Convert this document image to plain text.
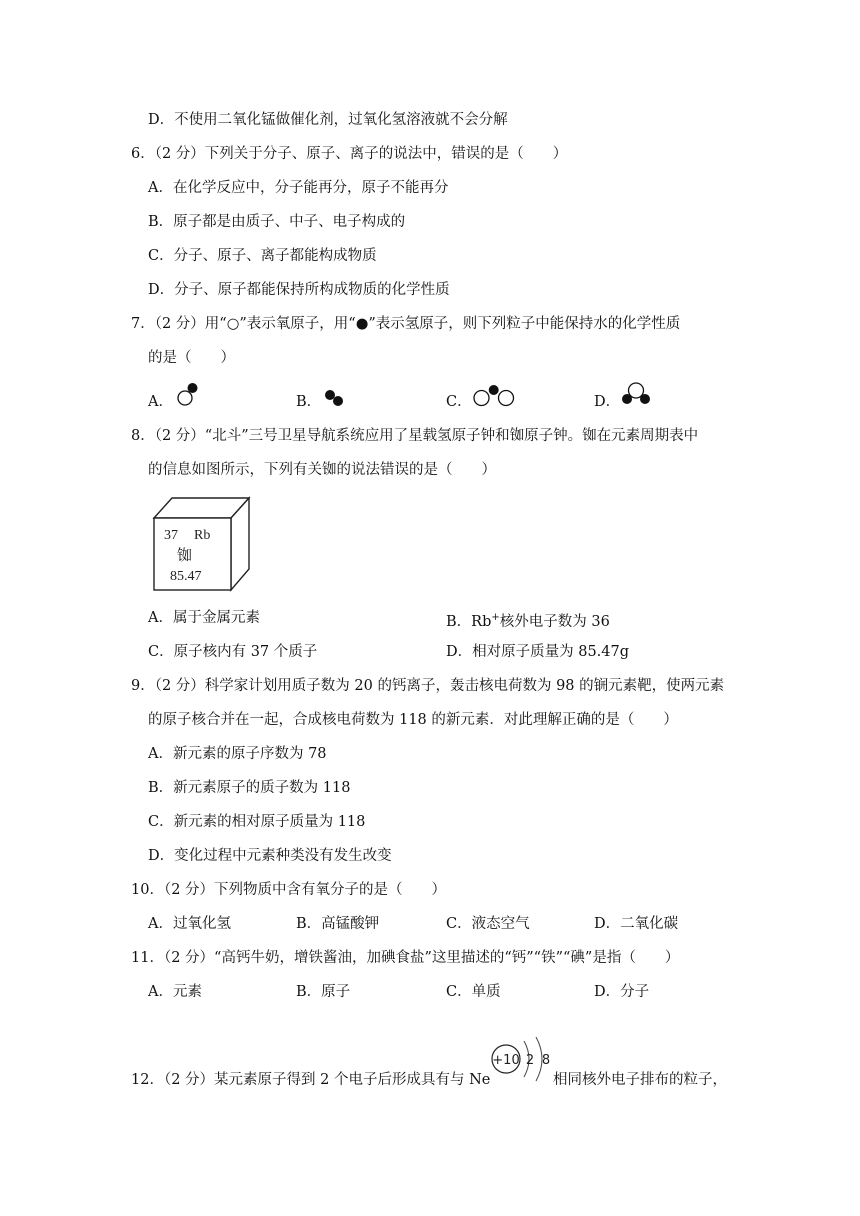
D．不使用二氧化锰做催化剂，过氧化氢溶液就不会分解
6．（2 分）下列关于分子、原子、离子的说法中，错误的是（　　）
A．在化学反应中，分子能再分，原子不能再分
B．原子都是由质子、中子、电子构成的
C．分子、原子、离子都能构成物质
D．分子、原子都能保持所构成物质的化学性质
7．（2 分）用“○”表示氧原子，用“●”表示氢原子，则下列粒子中能保持水的化学性质
的是（　　）
A．	B．	C．	D．
8．（2 分）“北斗”三号卫星导航系统应用了星载氢原子钟和铷原子钟。铷在元素周期表中
的信息如图所示，下列有关铷的说法错误的是（　　）
37 Rb
铷
85.47
A．属于金属元素	B．Rb+核外电子数为 36
C．原子核内有 37 个质子	D．相对原子质量为 85.47g
9．（2 分）科学家计划用质子数为 20 的钙离子，轰击核电荷数为 98 的锎元素靶，使两元素
的原子核合并在一起，合成核电荷数为 118 的新元素．对此理解正确的是（　　）
A．新元素的原子序数为 78
B．新元素原子的质子数为 118
C．新元素的相对原子质量为 118
D．变化过程中元素种类没有发生改变
10．（2 分）下列物质中含有氧分子的是（　　）
A．过氧化氢	B．高锰酸钾	C．液态空气	D．二氧化碳
11．（2 分）“高钙牛奶，增铁酱油，加碘食盐”这里描述的“钙”“铁”“碘”是指（　　）
A．元素	B．原子	C．单质	D．分子
12．（2 分）某元素原子得到 2 个电子后形成具有与 Ne
+10 2 8
相同核外电子排布的粒子，
